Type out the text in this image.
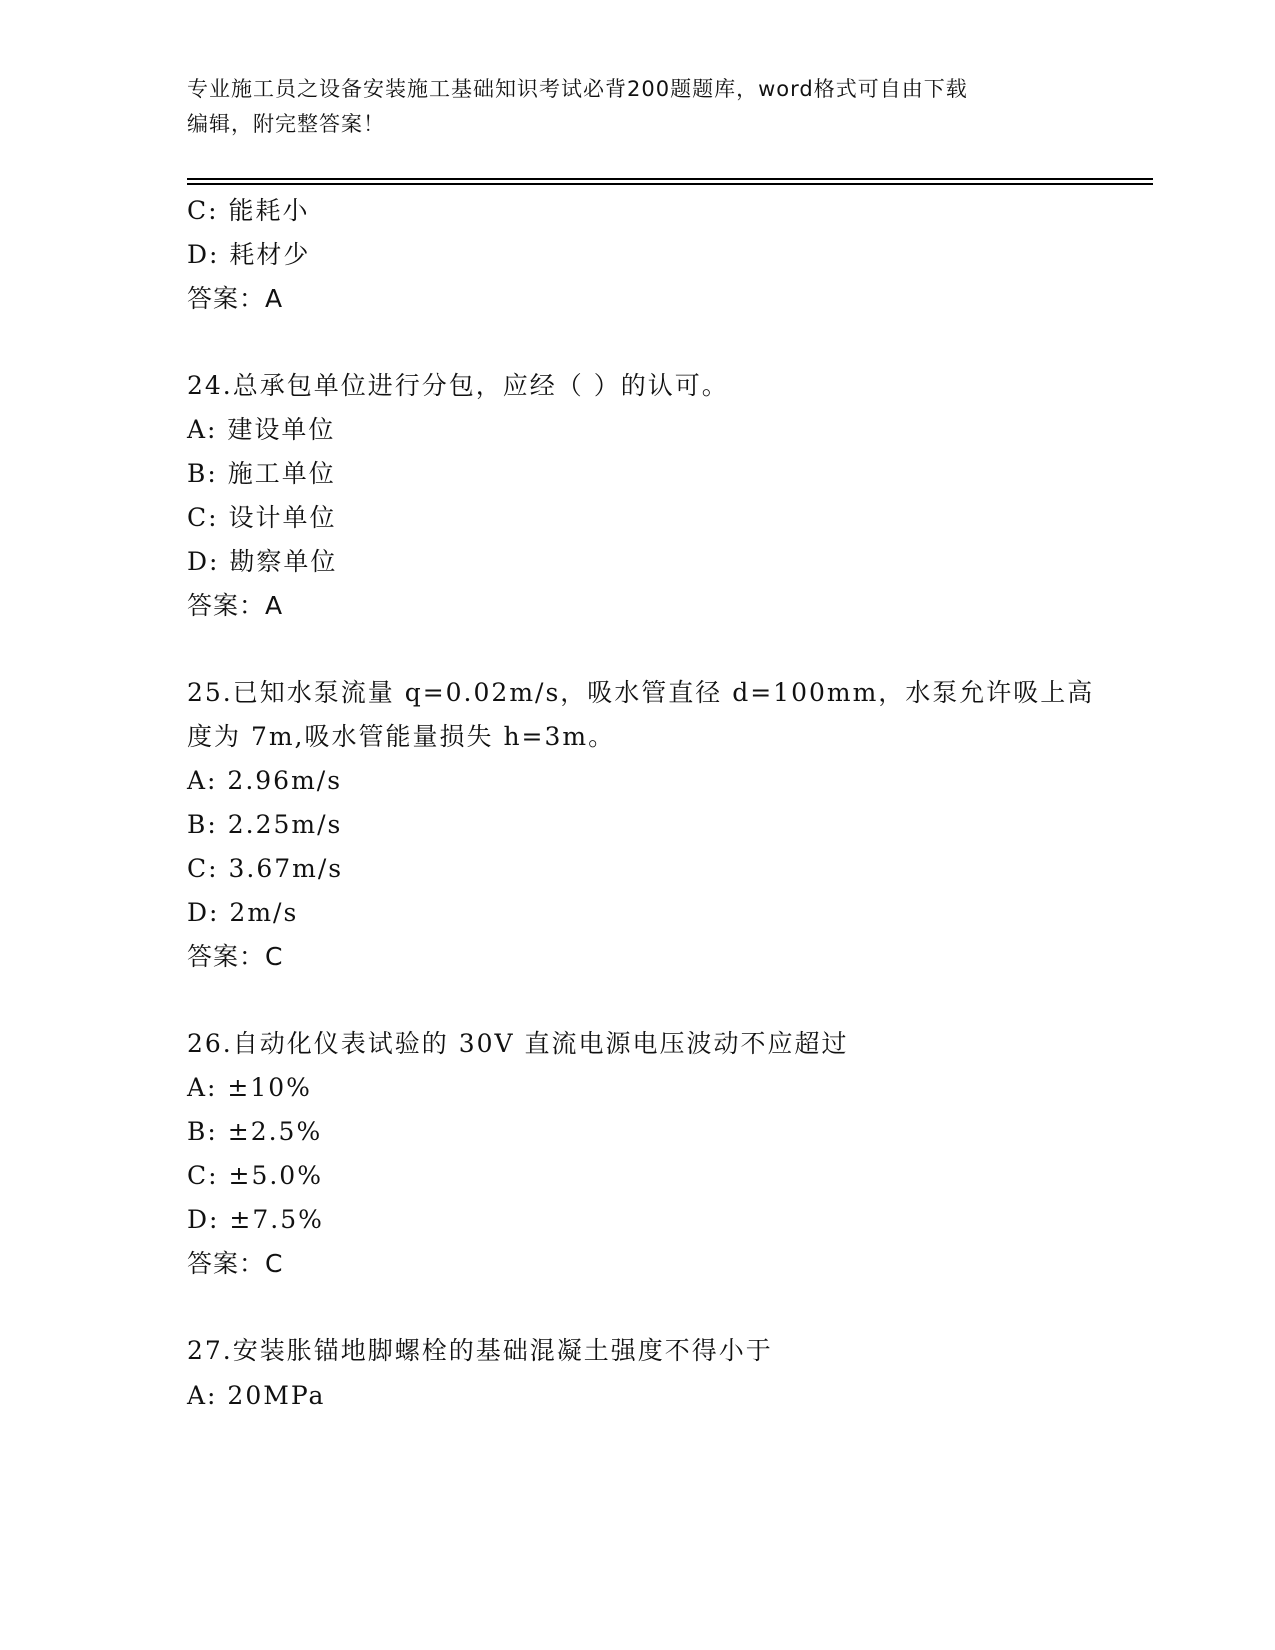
专业施工员之设备安装施工基础知识考试必背200题题库，word格式可自由下载
编辑，附完整答案！
C: 能耗小
D: 耗材少
答案：A
24.总承包单位进行分包，应经（ ）的认可。
A: 建设单位
B: 施工单位
C: 设计单位
D: 勘察单位
答案：A
25.已知水泵流量 q=0.02m/s，吸水管直径 d=100mm，水泵允许吸上高
度为 7m,吸水管能量损失 h=3m。
A: 2.96m/s
B: 2.25m/s
C: 3.67m/s
D: 2m/s
答案：C
26.自动化仪表试验的 30V 直流电源电压波动不应超过
A: ±10%
B: ±2.5%
C: ±5.0%
D: ±7.5%
答案：C
27.安装胀锚地脚螺栓的基础混凝土强度不得小于
A: 20MPa
